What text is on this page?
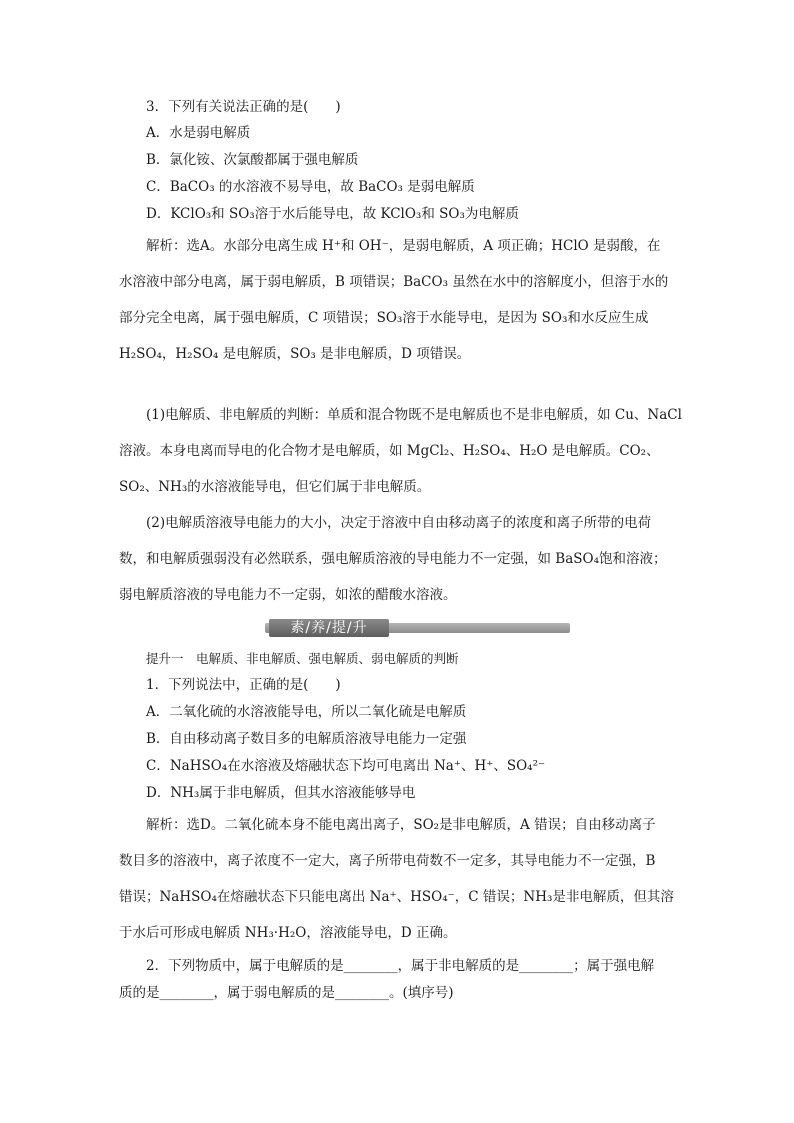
3．下列有关说法正确的是(　　)
A．水是弱电解质
B．氯化铵、次氯酸都属于强电解质
C．BaCO₃ 的水溶液不易导电，故 BaCO₃ 是弱电解质
D．KClO₃和 SO₃溶于水后能导电，故 KClO₃和 SO₃为电解质
解析：选A。水部分电离生成 H⁺和 OH⁻，是弱电解质，A 项正确；HClO 是弱酸，在
水溶液中部分电离，属于弱电解质，B 项错误；BaCO₃ 虽然在水中的溶解度小，但溶于水的
部分完全电离，属于强电解质，C 项错误；SO₃溶于水能导电，是因为 SO₃和水反应生成
H₂SO₄，H₂SO₄ 是电解质，SO₃ 是非电解质，D 项错误。
(1)电解质、非电解质的判断：单质和混合物既不是电解质也不是非电解质，如 Cu、NaCl
溶液。本身电离而导电的化合物才是电解质，如 MgCl₂、H₂SO₄、H₂O 是电解质。CO₂、
SO₂、NH₃的水溶液能导电，但它们属于非电解质。
(2)电解质溶液导电能力的大小，决定于溶液中自由移动离子的浓度和离子所带的电荷
数，和电解质强弱没有必然联系，强电解质溶液的导电能力不一定强，如 BaSO₄饱和溶液；
弱电解质溶液的导电能力不一定弱，如浓的醋酸水溶液。
素/养/提/升
提升一　电解质、非电解质、强电解质、弱电解质的判断
1．下列说法中，正确的是(　　)
A．二氧化硫的水溶液能导电，所以二氧化硫是电解质
B．自由移动离子数目多的电解质溶液导电能力一定强
C．NaHSO₄在水溶液及熔融状态下均可电离出 Na⁺、H⁺、SO₄²⁻
D．NH₃属于非电解质，但其水溶液能够导电
解析：选D。二氧化硫本身不能电离出离子，SO₂是非电解质，A 错误；自由移动离子
数目多的溶液中，离子浓度不一定大，离子所带电荷数不一定多，其导电能力不一定强，B
错误；NaHSO₄在熔融状态下只能电离出 Na⁺、HSO₄⁻，C 错误；NH₃是非电解质，但其溶
于水后可形成电解质 NH₃·H₂O，溶液能导电，D 正确。
2．下列物质中，属于电解质的是________，属于非电解质的是________；属于强电解
质的是________，属于弱电解质的是________。(填序号)
